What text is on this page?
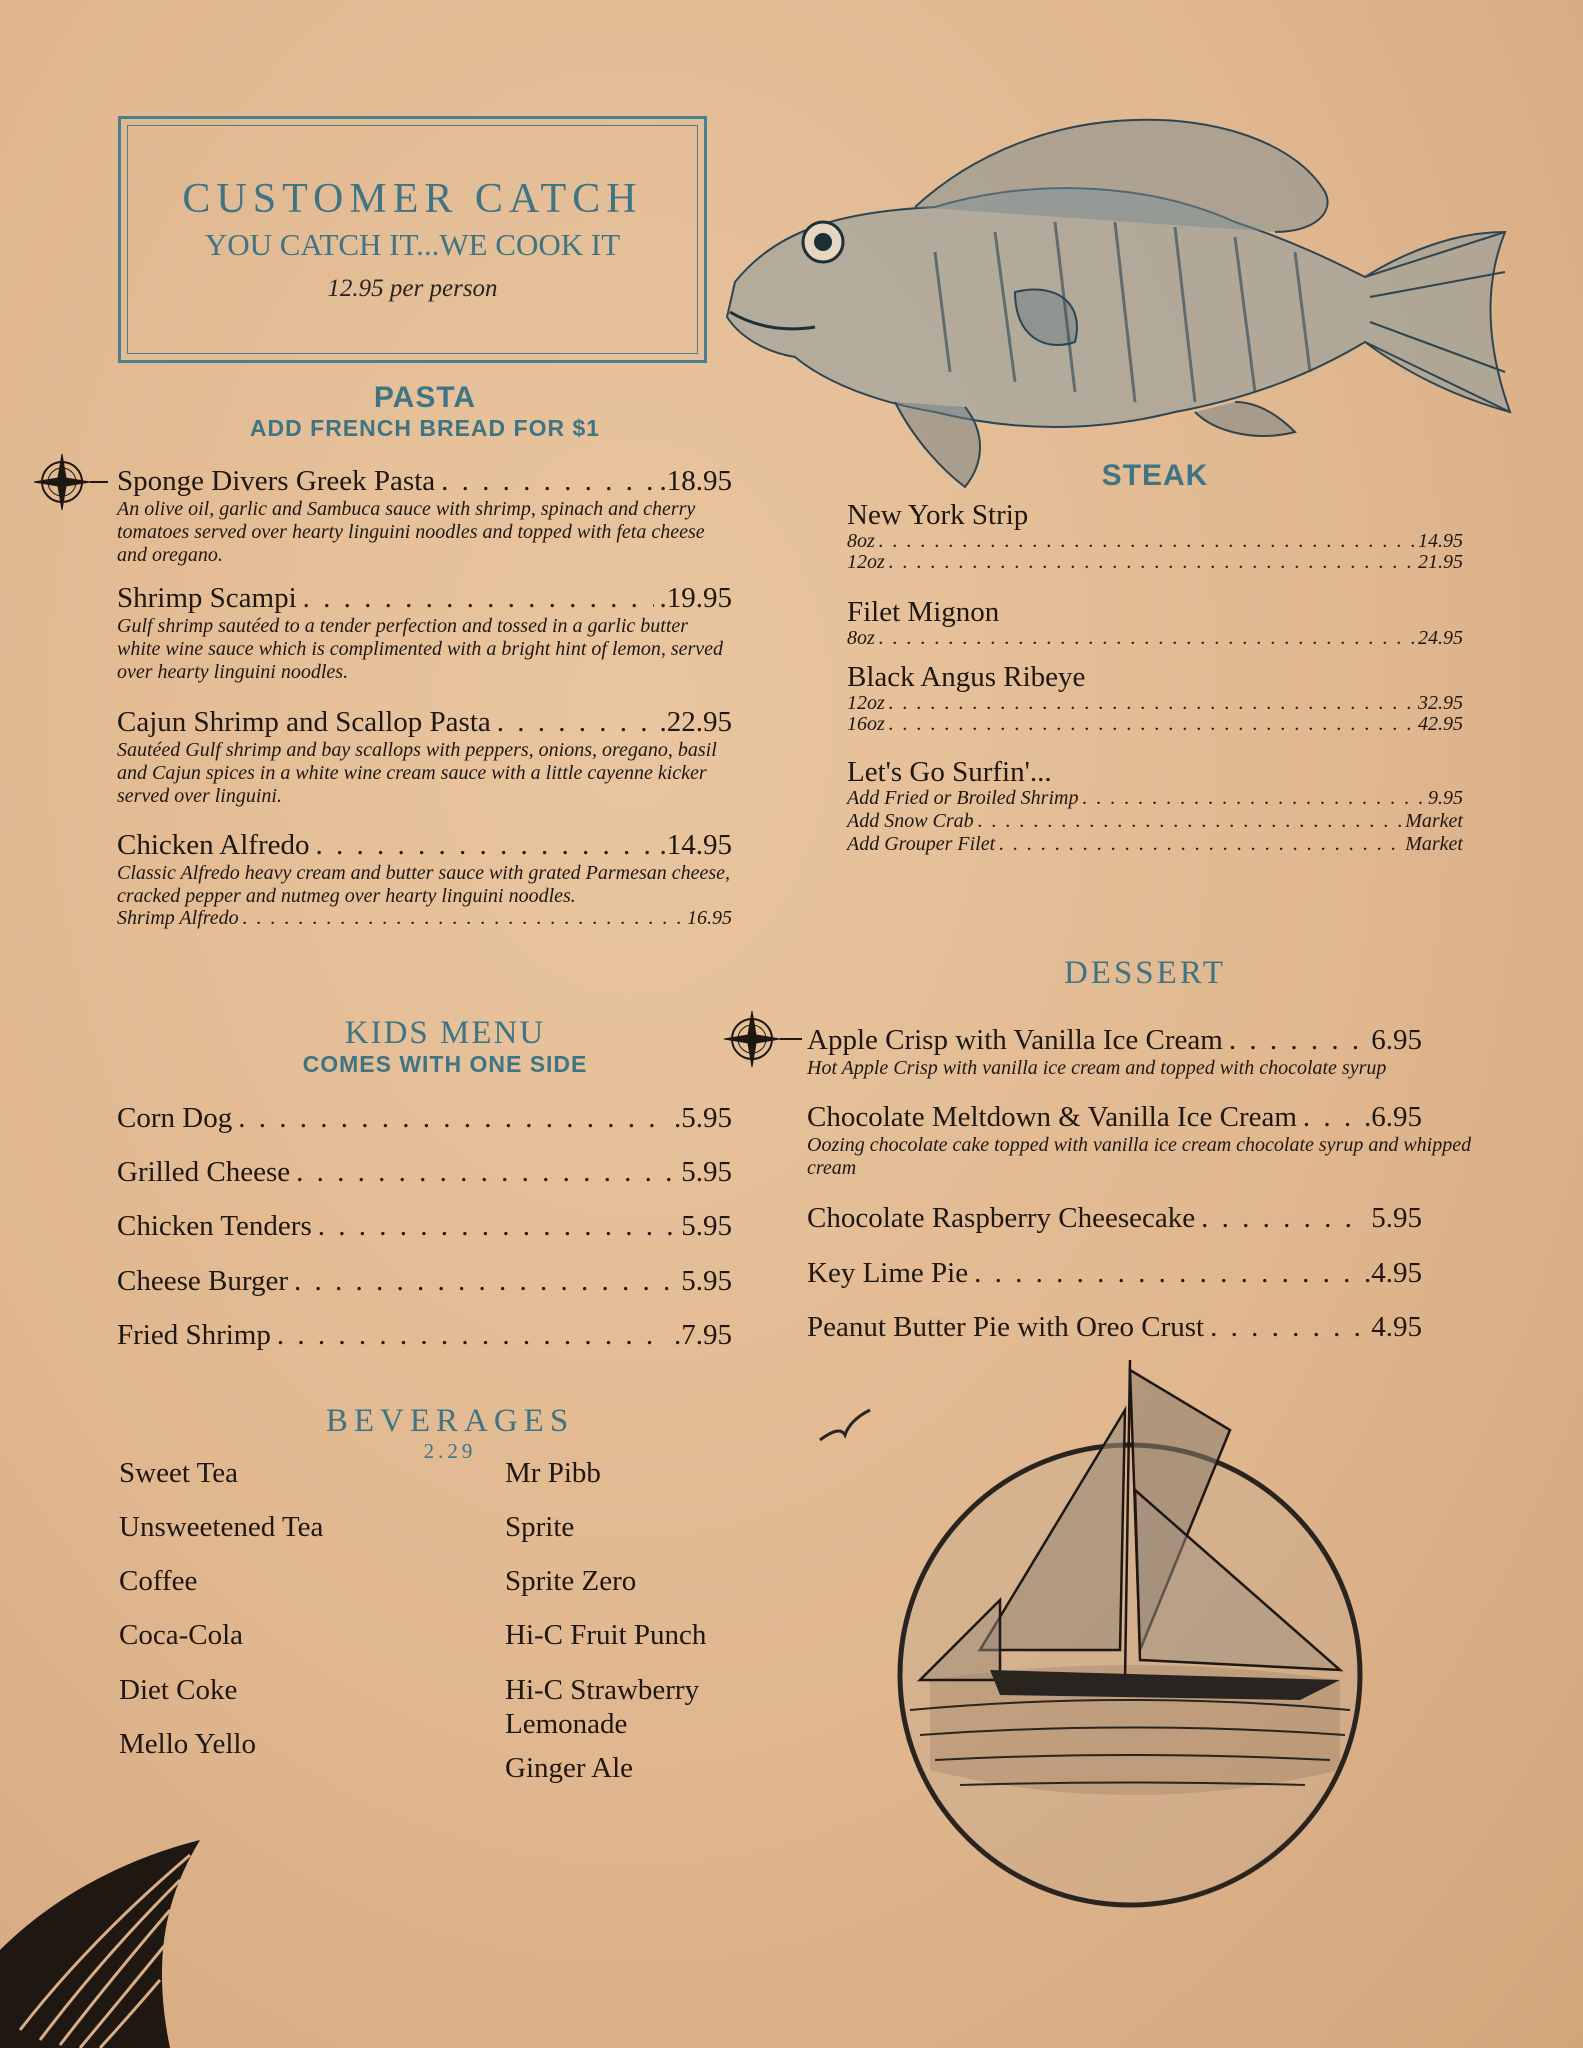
CUSTOMER CATCH
YOU CATCH IT...WE COOK IT
12.95 per person
PASTA
ADD FRENCH BREAD FOR $1
Sponge Divers Greek Pasta . . .	.18.95
An olive oil, garlic and Sambuca sauce with shrimp, spinach and cherry tomatoes served over hearty linguini noodles and topped with feta cheese and oregano.
Shrimp Scampi . . .	.19.95
Gulf shrimp sautéed to a tender perfection and tossed in a garlic butter white wine sauce which is complimented with a bright hint of lemon, served over hearty linguini noodles.
Cajun Shrimp and Scallop Pasta . . .	.22.95
Sautéed Gulf shrimp and bay scallops with peppers, onions, oregano, basil and Cajun spices in a white wine cream sauce with a little cayenne kicker served over linguini.
Chicken Alfredo . . .	.14.95
Classic Alfredo heavy cream and butter sauce with grated Parmesan cheese, cracked pepper and nutmeg over hearty linguini noodles.
Shrimp Alfredo . . .	16.95
KIDS MENU
COMES WITH ONE SIDE
Corn Dog . . .	.5.95
Grilled Cheese . . .	5.95
Chicken Tenders . . .	5.95
Cheese Burger . . .	5.95
Fried Shrimp . . .	.7.95
BEVERAGES
2.29
Sweet Tea
Unsweetened Tea
Coffee
Coca-Cola
Diet Coke
Mello Yello
Mr Pibb
Sprite
Sprite Zero
Hi-C Fruit Punch
Hi-C Strawberry Lemonade
Ginger Ale
STEAK
New York Strip
8oz . . .	14.95
12oz . . .	21.95
Filet Mignon
8oz . . .	24.95
Black Angus Ribeye
12oz . . .	32.95
16oz . . .	42.95
Let's Go Surfin'...
Add Fried or Broiled Shrimp . . .	9.95
Add Snow Crab . . .	Market
Add Grouper Filet . . .	Market
DESSERT
Apple Crisp with Vanilla Ice Cream . . .	6.95
Hot Apple Crisp with vanilla ice cream and topped with chocolate syrup
Chocolate Meltdown & Vanilla Ice Cream . . . .6.95
Oozing chocolate cake topped with vanilla ice cream chocolate syrup and whipped cream
Chocolate Raspberry Cheesecake . . .	5.95
Key Lime Pie . . .	.4.95
Peanut Butter Pie with Oreo Crust . . .	4.95
